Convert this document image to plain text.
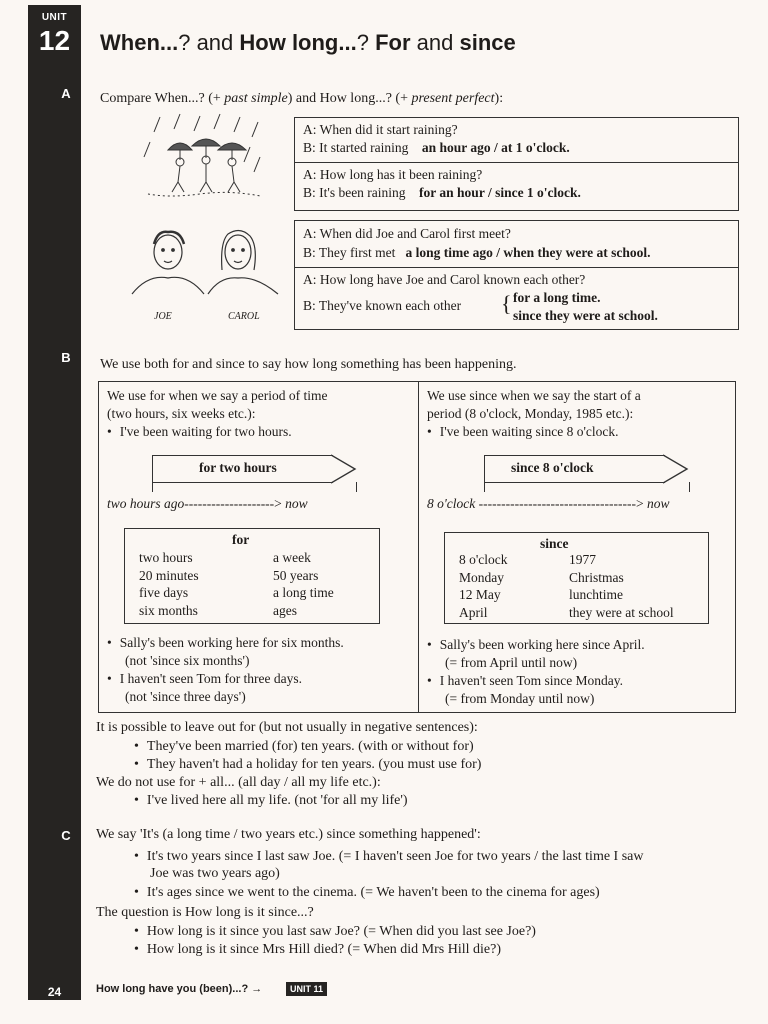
UNIT
12
A
B
C
24
When...? and How long...? For and since
Compare When...? (+ past simple) and How long...? (+ present perfect):
A: When did it start raining?
B: It started raining an hour ago / at 1 o'clock.
A: How long has it been raining?
B: It's been raining for an hour / since 1 o'clock.
JOE	CAROL
A: When did Joe and Carol first meet?
B: They first met a long time ago / when they were at school.
A: How long have Joe and Carol known each other?
B: They've known each other { for a long time.
since they were at school.
We use both for and since to say how long something has been happening.
We use for when we say a period of time
(two hours, six weeks etc.):
• I've been waiting for two hours.
for two hours
two hours ago--------------------> now
for
two hours
20 minutes
five days
six months
a week
50 years
a long time
ages
• Sally's been working here for six months.
(not 'since six months')
• I haven't seen Tom for three days.
(not 'since three days')
We use since when we say the start of a
period (8 o'clock, Monday, 1985 etc.):
• I've been waiting since 8 o'clock.
since 8 o'clock
8 o'clock -----------------------------------> now
since
8 o'clock
Monday
12 May
April
1977
Christmas
lunchtime
they were at school
• Sally's been working here since April.
(= from April until now)
• I haven't seen Tom since Monday.
(= from Monday until now)
It is possible to leave out for (but not usually in negative sentences):
• They've been married (for) ten years. (with or without for)
• They haven't had a holiday for ten years. (you must use for)
We do not use for + all... (all day / all my life etc.):
• I've lived here all my life. (not 'for all my life')
We say 'It's (a long time / two years etc.) since something happened':
• It's two years since I last saw Joe. (= I haven't seen Joe for two years / the last time I saw
Joe was two years ago)
• It's ages since we went to the cinema. (= We haven't been to the cinema for ages)
The question is How long is it since...?
• How long is it since you last saw Joe? (= When did you last see Joe?)
• How long is it since Mrs Hill died? (= When did Mrs Hill die?)
How long have you (been)...? →	UNIT 11
